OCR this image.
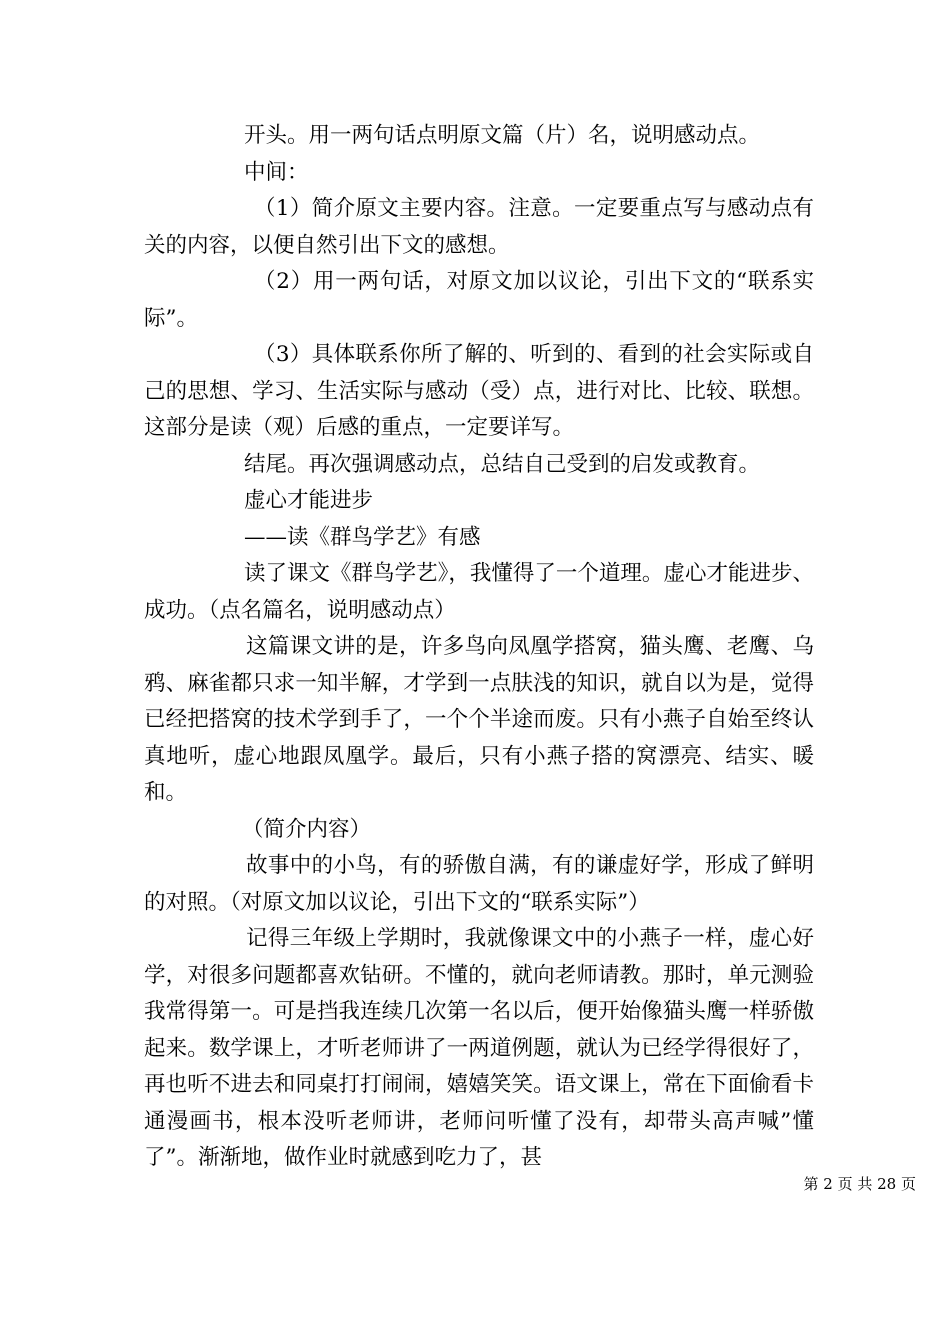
开头。用一两句话点明原文篇（片）名，说明感动点。

中间：

（1）简介原文主要内容。注意。一定要重点写与感动点有关的内容，以便自然引出下文的感想。

（2）用一两句话，对原文加以议论，引出下文的“联系实际”。

（3）具体联系你所了解的、听到的、看到的社会实际或自己的思想、学习、生活实际与感动（受）点，进行对比、比较、联想。这部分是读（观）后感的重点，一定要详写。

结尾。再次强调感动点，总结自己受到的启发或教育。

虚心才能进步

——读《群鸟学艺》有感

读了课文《群鸟学艺》，我懂得了一个道理。虚心才能进步、成功。（点名篇名，说明感动点）

这篇课文讲的是，许多鸟向凤凰学搭窝，猫头鹰、老鹰、乌鸦、麻雀都只求一知半解，才学到一点肤浅的知识，就自以为是，觉得已经把搭窝的技术学到手了，一个个半途而废。只有小燕子自始至终认真地听，虚心地跟凤凰学。最后，只有小燕子搭的窝漂亮、结实、暖和。

（简介内容）

故事中的小鸟，有的骄傲自满，有的谦虚好学，形成了鲜明的对照。（对原文加以议论，引出下文的“联系实际”）

记得三年级上学期时，我就像课文中的小燕子一样，虚心好学，对很多问题都喜欢钻研。不懂的，就向老师请教。那时，单元测验我常得第一。可是挡我连续几次第一名以后，便开始像猫头鹰一样骄傲起来。数学课上，才听老师讲了一两道例题，就认为已经学得很好了，再也听不进去和同桌打打闹闹，嬉嬉笑笑。语文课上，常在下面偷看卡通漫画书，根本没听老师讲，老师问听懂了没有，却带头高声喊”懂了”。渐渐地，做作业时就感到吃力了，甚

第 2 页 共 28 页
